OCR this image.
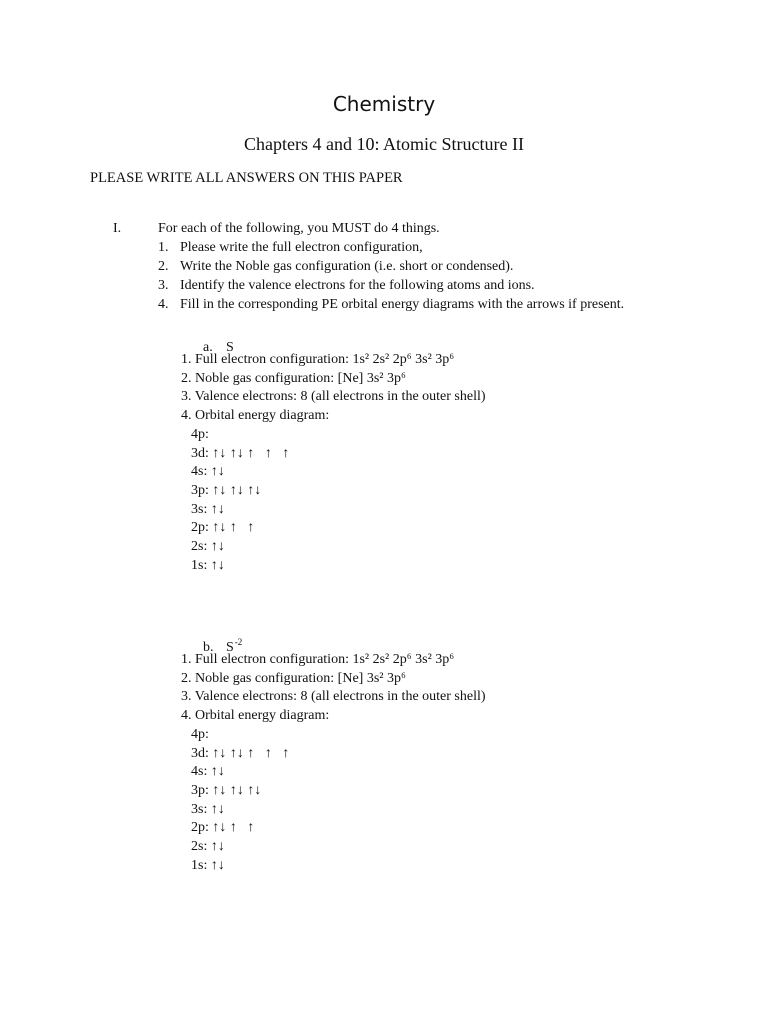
Chemistry
Chapters 4 and 10: Atomic Structure II
PLEASE WRITE ALL ANSWERS ON THIS PAPER
I.	For each of the following, you MUST do 4 things.
1. Please write the full electron configuration,
2. Write the Noble gas configuration (i.e. short or condensed).
3. Identify the valence electrons for the following atoms and ions.
4. Fill in the corresponding PE orbital energy diagrams with the arrows if present.
a. S
1. Full electron configuration: 1s² 2s² 2p⁶ 3s² 3p⁶
2. Noble gas configuration: [Ne] 3s² 3p⁶
3. Valence electrons: 8 (all electrons in the outer shell)
4. Orbital energy diagram:
4p:
3d: ↑↓ ↑↓ ↑   ↑   ↑
4s: ↑↓
3p: ↑↓ ↑↓ ↑↓
3s: ↑↓
2p: ↑↓ ↑   ↑
2s: ↑↓
1s: ↑↓
b. $S^{-2}$
1. Full electron configuration: 1s² 2s² 2p⁶ 3s² 3p⁶
2. Noble gas configuration: [Ne] 3s² 3p⁶
3. Valence electrons: 8 (all electrons in the outer shell)
4. Orbital energy diagram:
4p:
3d: ↑↓ ↑↓ ↑   ↑   ↑
4s: ↑↓
3p: ↑↓ ↑↓ ↑↓
3s: ↑↓
2p: ↑↓ ↑   ↑
2s: ↑↓
1s: ↑↓
